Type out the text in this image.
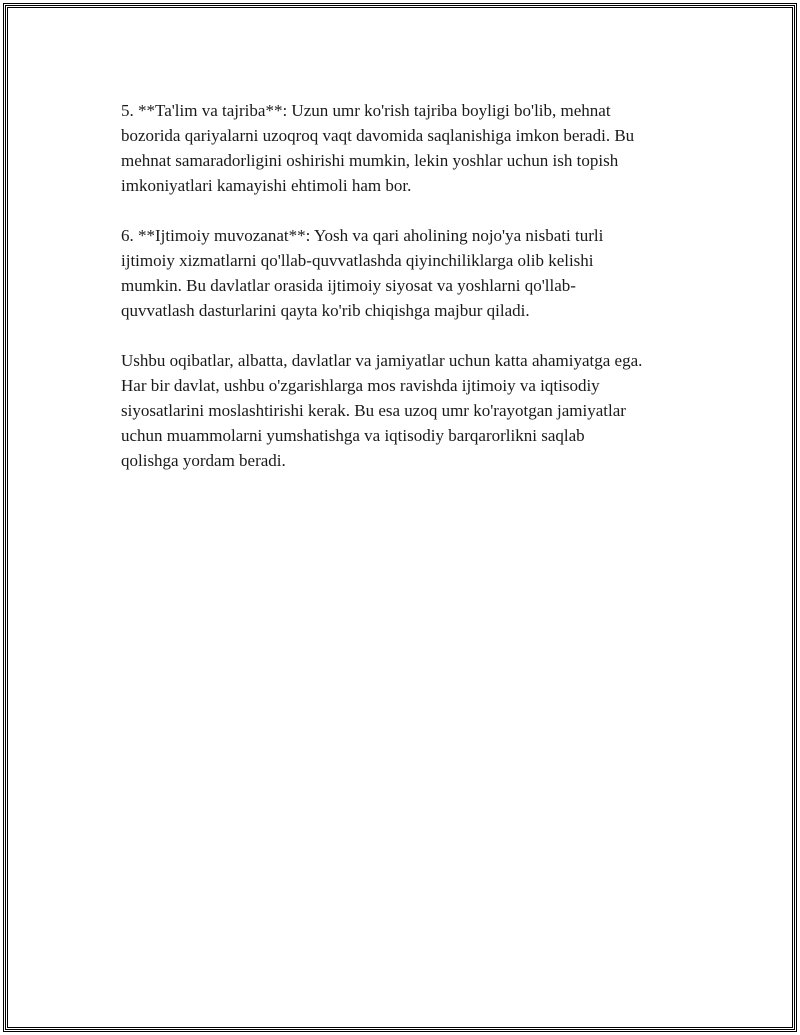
5. **Ta'lim va tajriba**: Uzun umr ko'rish tajriba boyligi bo'lib, mehnat
bozorida qariyalarni uzoqroq vaqt davomida saqlanishiga imkon beradi. Bu
mehnat samaradorligini oshirishi mumkin, lekin yoshlar uchun ish topish
imkoniyatlari kamayishi ehtimoli ham bor.

6. **Ijtimoiy muvozanat**: Yosh va qari aholining nojo'ya nisbati turli
ijtimoiy xizmatlarni qo'llab-quvvatlashda qiyinchiliklarga olib kelishi
mumkin. Bu davlatlar orasida ijtimoiy siyosat va yoshlarni qo'llab-
quvvatlash dasturlarini qayta ko'rib chiqishga majbur qiladi.

Ushbu oqibatlar, albatta, davlatlar va jamiyatlar uchun katta ahamiyatga ega.
Har bir davlat, ushbu o'zgarishlarga mos ravishda ijtimoiy va iqtisodiy
siyosatlarini moslashtirishi kerak. Bu esa uzoq umr ko'rayotgan jamiyatlar
uchun muammolarni yumshatishga va iqtisodiy barqarorlikni saqlab
qolishga yordam beradi.
